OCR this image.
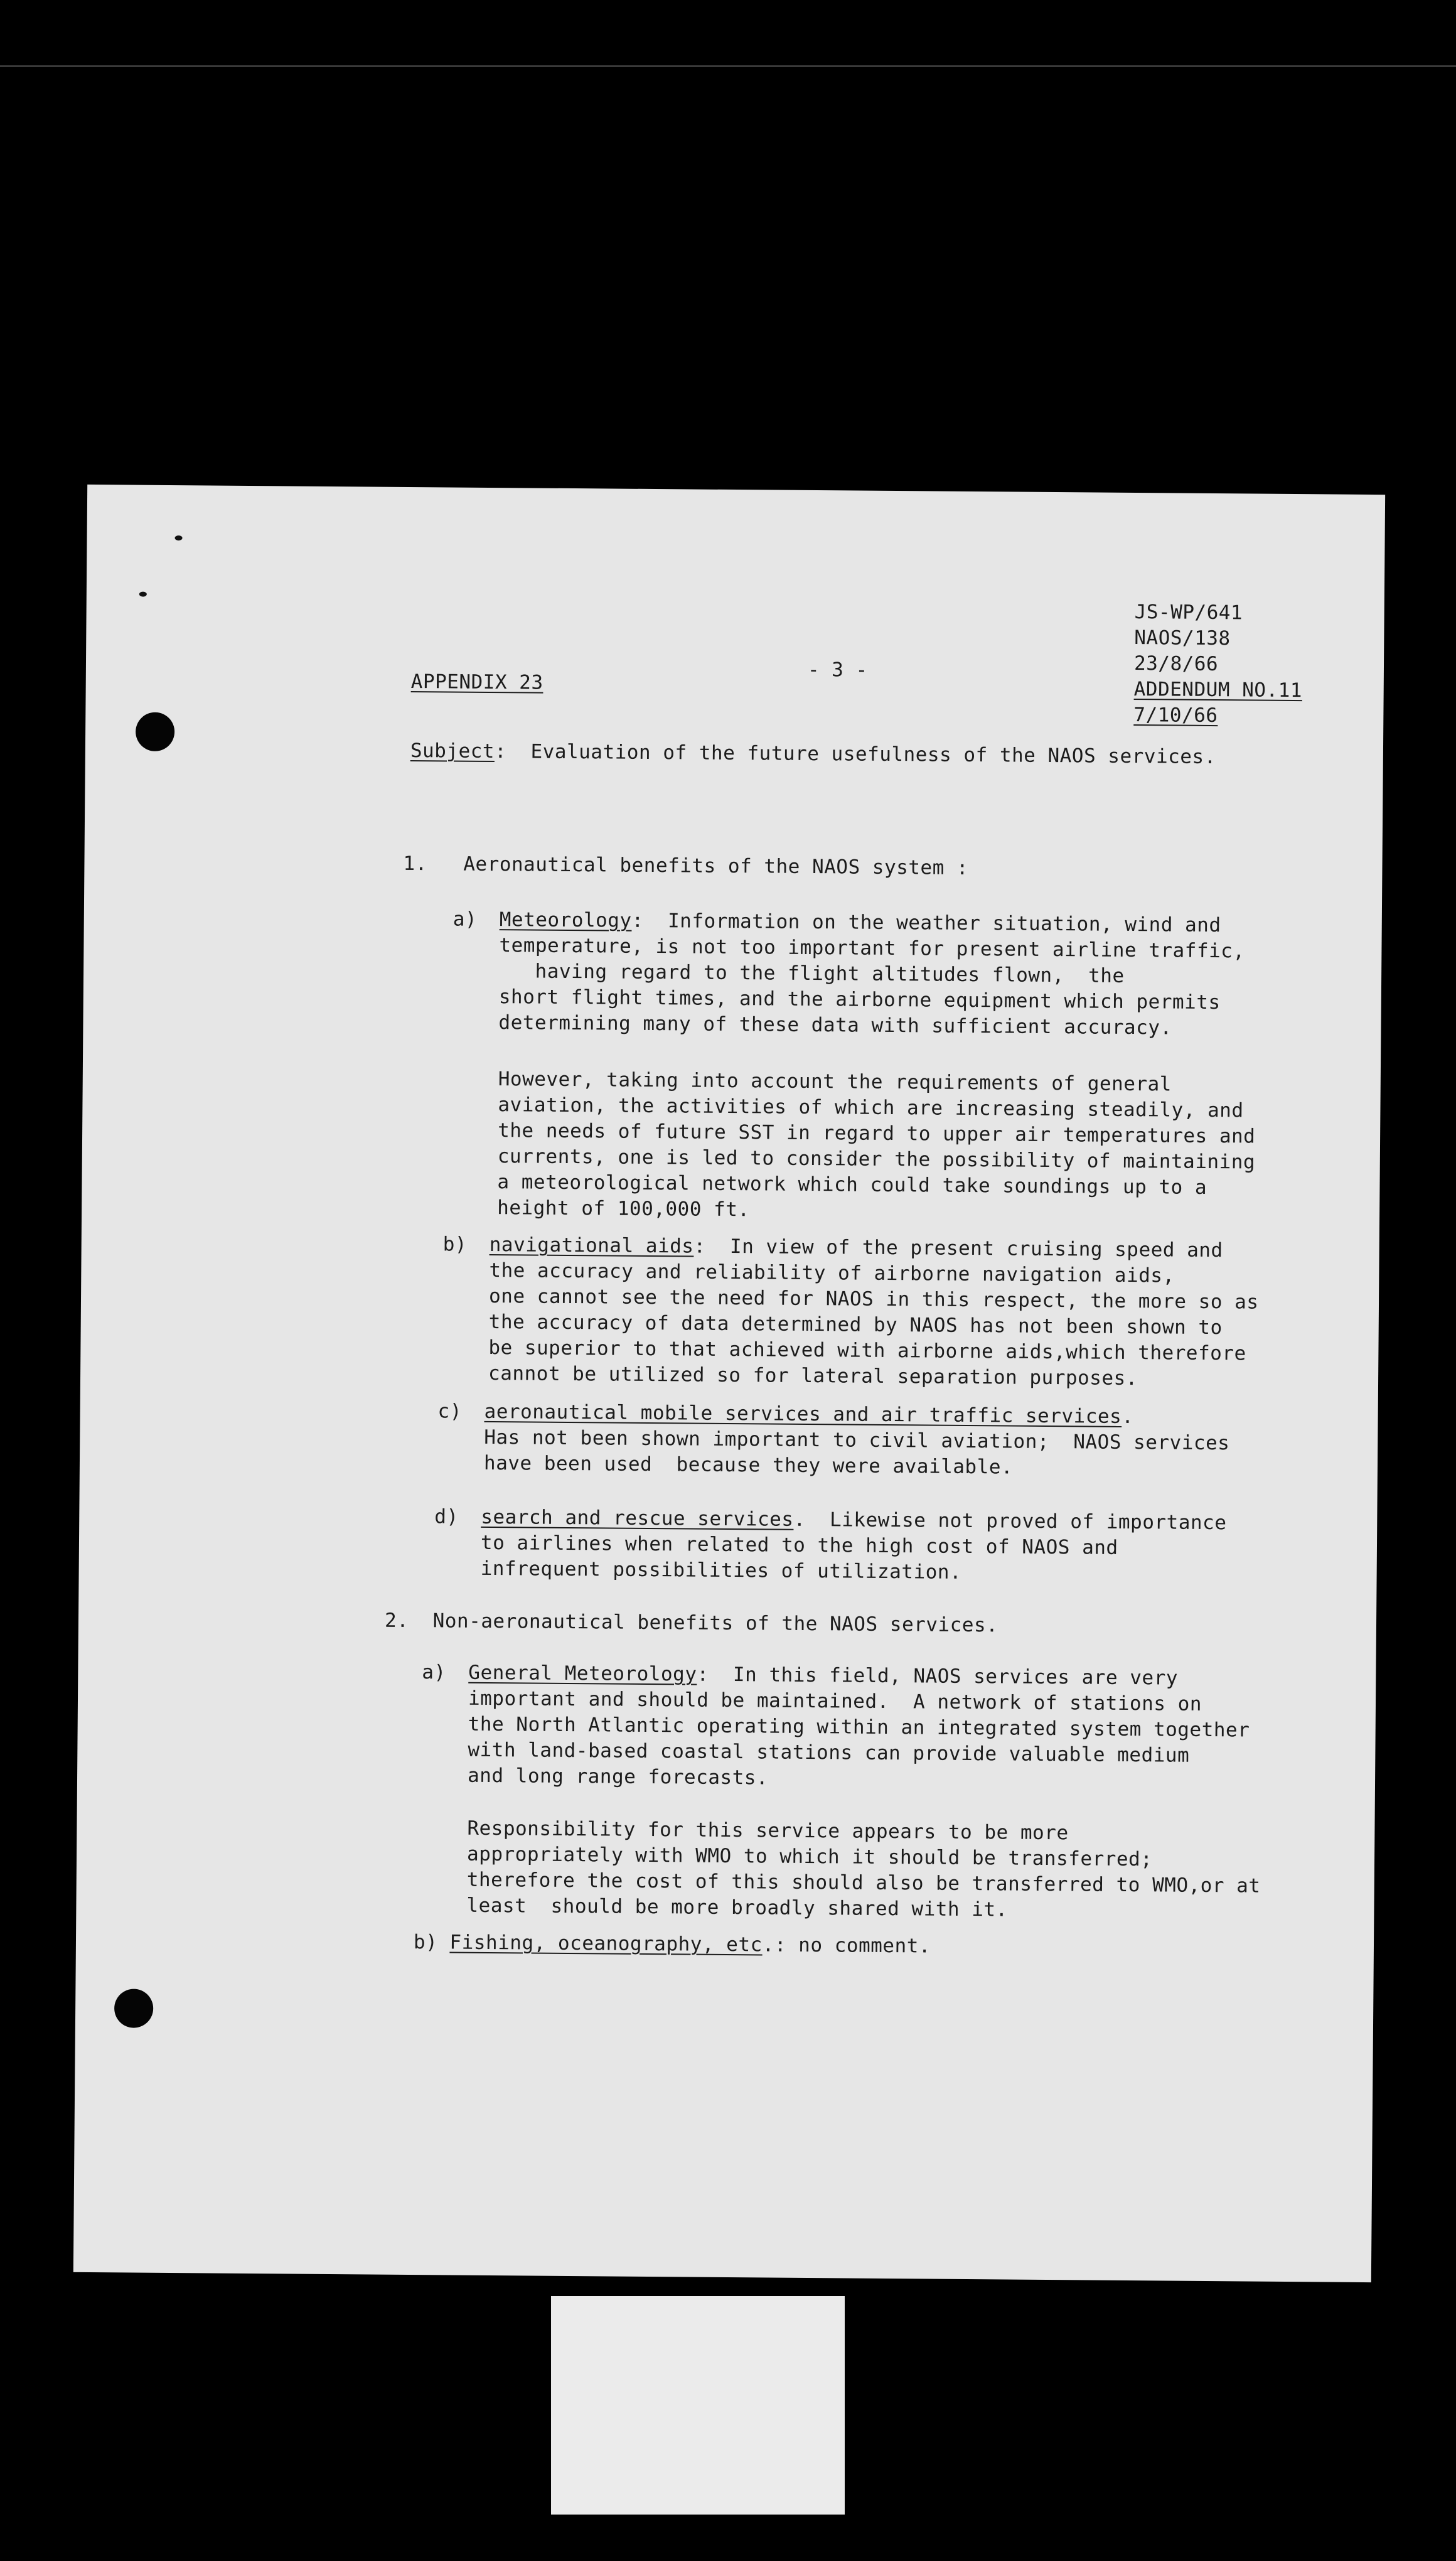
JS-WP/641
NAOS/138
23/8/66
ADDENDUM NO.11
7/10/66
APPENDIX 23
- 3 -
Subject:  Evaluation of the future usefulness of the NAOS services.
1. Aeronautical benefits of the NAOS system :
a) Meteorology:  Information on the weather situation, wind and
temperature, is not too important for present airline traffic,
having regard to the flight altitudes flown,  the
short flight times, and the airborne equipment which permits
determining many of these data with sufficient accuracy.
However, taking into account the requirements of general
aviation, the activities of which are increasing steadily, and
the needs of future SST in regard to upper air temperatures and
currents, one is led to consider the possibility of maintaining
a meteorological network which could take soundings up to a
height of 100,000 ft.
b) navigational aids:  In view of the present cruising speed and
the accuracy and reliability of airborne navigation aids,
one cannot see the need for NAOS in this respect, the more so as
the accuracy of data determined by NAOS has not been shown to
be superior to that achieved with airborne aids,which therefore
cannot be utilized so for lateral separation purposes.
c) aeronautical mobile services and air traffic services.
Has not been shown important to civil aviation;  NAOS services
have been used  because they were available.
d) search and rescue services.  Likewise not proved of importance
to airlines when related to the high cost of NAOS and
infrequent possibilities of utilization.
2. Non-aeronautical benefits of the NAOS services.
a) General Meteorology:  In this field, NAOS services are very
important and should be maintained.  A network of stations on
the North Atlantic operating within an integrated system together
with land-based coastal stations can provide valuable medium
and long range forecasts.
Responsibility for this service appears to be more
appropriately with WMO to which it should be transferred;
therefore the cost of this should also be transferred to WMO,or at
least  should be more broadly shared with it.
b) Fishing, oceanography, etc.: no comment.
